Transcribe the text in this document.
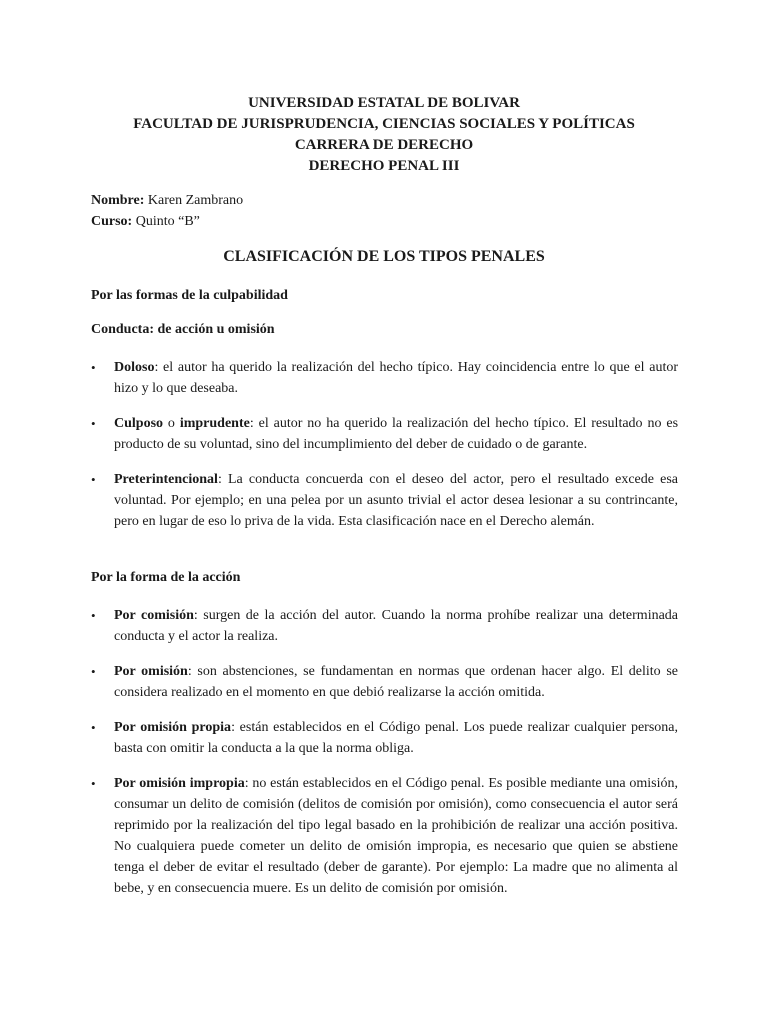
UNIVERSIDAD ESTATAL DE BOLIVAR
FACULTAD DE JURISPRUDENCIA, CIENCIAS SOCIALES Y POLÍTICAS
CARRERA DE DERECHO
DERECHO PENAL III
Nombre: Karen Zambrano
Curso: Quinto “B”
CLASIFICACIÓN DE LOS TIPOS PENALES
Por las formas de la culpabilidad
Conducta: de acción u omisión
•	Doloso: el autor ha querido la realización del hecho típico. Hay coincidencia entre lo que el autor hizo y lo que deseaba.
•	Culposo o imprudente: el autor no ha querido la realización del hecho típico. El resultado no es producto de su voluntad, sino del incumplimiento del deber de cuidado o de garante.
•	Preterintencional: La conducta concuerda con el deseo del actor, pero el resultado excede esa voluntad. Por ejemplo; en una pelea por un asunto trivial el actor desea lesionar a su contrincante, pero en lugar de eso lo priva de la vida. Esta clasificación nace en el Derecho alemán.
Por la forma de la acción
•	Por comisión: surgen de la acción del autor. Cuando la norma prohíbe realizar una determinada conducta y el actor la realiza.
•	Por omisión: son abstenciones, se fundamentan en normas que ordenan hacer algo. El delito se considera realizado en el momento en que debió realizarse la acción omitida.
•	Por omisión propia: están establecidos en el Código penal. Los puede realizar cualquier persona, basta con omitir la conducta a la que la norma obliga.
•	Por omisión impropia: no están establecidos en el Código penal. Es posible mediante una omisión, consumar un delito de comisión (delitos de comisión por omisión), como consecuencia el autor será reprimido por la realización del tipo legal basado en la prohibición de realizar una acción positiva. No cualquiera puede cometer un delito de omisión impropia, es necesario que quien se abstiene tenga el deber de evitar el resultado (deber de garante). Por ejemplo: La madre que no alimenta al bebe, y en consecuencia muere. Es un delito de comisión por omisión.
